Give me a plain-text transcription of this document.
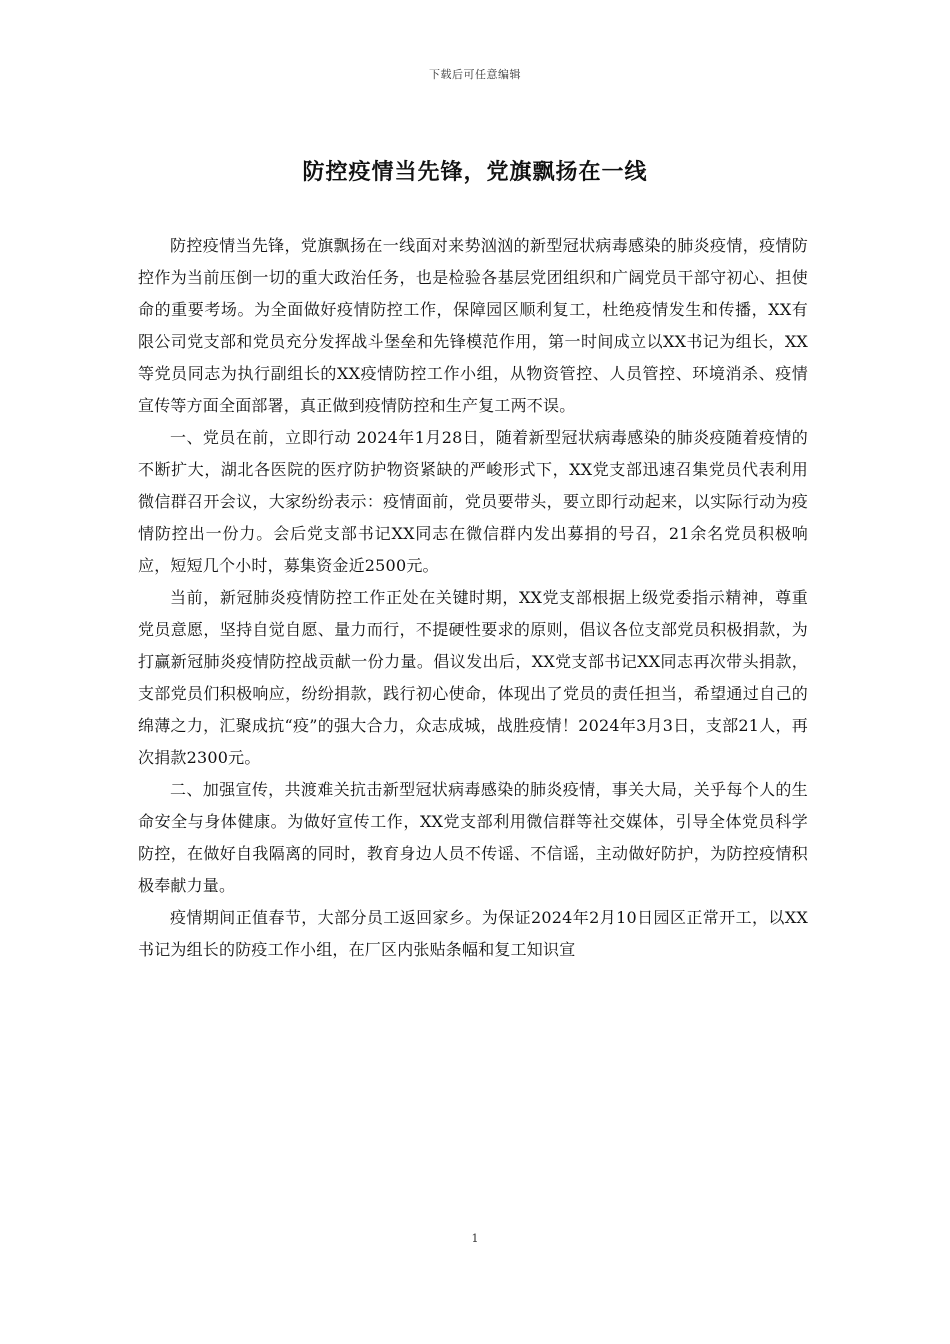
下载后可任意编辑
防控疫情当先锋，党旗飘扬在一线

防控疫情当先锋，党旗飘扬在一线面对来势汹汹的新型冠状病毒感染的肺炎疫情，疫情防控作为当前压倒一切的重大政治任务，也是检验各基层党团组织和广阔党员干部守初心、担使命的重要考场。为全面做好疫情防控工作，保障园区顺利复工，杜绝疫情发生和传播，XX有限公司党支部和党员充分发挥战斗堡垒和先锋模范作用，第一时间成立以XX书记为组长，XX等党员同志为执行副组长的XX疫情防控工作小组，从物资管控、人员管控、环境消杀、疫情宣传等方面全面部署，真正做到疫情防控和生产复工两不误。

一、党员在前，立即行动 2024年1月28日，随着新型冠状病毒感染的肺炎疫随着疫情的不断扩大，湖北各医院的医疗防护物资紧缺的严峻形式下，XX党支部迅速召集党员代表利用微信群召开会议，大家纷纷表示：疫情面前，党员要带头，要立即行动起来，以实际行动为疫情防控出一份力。会后党支部书记XX同志在微信群内发出募捐的号召，21余名党员积极响应，短短几个小时，募集资金近2500元。

当前，新冠肺炎疫情防控工作正处在关键时期，XX党支部根据上级党委指示精神，尊重党员意愿，坚持自觉自愿、量力而行，不提硬性要求的原则，倡议各位支部党员积极捐款，为打赢新冠肺炎疫情防控战贡献一份力量。倡议发出后，XX党支部书记XX同志再次带头捐款，支部党员们积极响应，纷纷捐款，践行初心使命，体现出了党员的责任担当，希望通过自己的绵薄之力，汇聚成抗“疫”的强大合力，众志成城，战胜疫情！2024年3月3日，支部21人，再次捐款2300元。

二、加强宣传，共渡难关抗击新型冠状病毒感染的肺炎疫情，事关大局，关乎每个人的生命安全与身体健康。为做好宣传工作，XX党支部利用微信群等社交媒体，引导全体党员科学防控，在做好自我隔离的同时，教育身边人员不传谣、不信谣，主动做好防护，为防控疫情积极奉献力量。

疫情期间正值春节，大部分员工返回家乡。为保证2024年2月10日园区正常开工，以XX书记为组长的防疫工作小组，在厂区内张贴条幅和复工知识宣

1
